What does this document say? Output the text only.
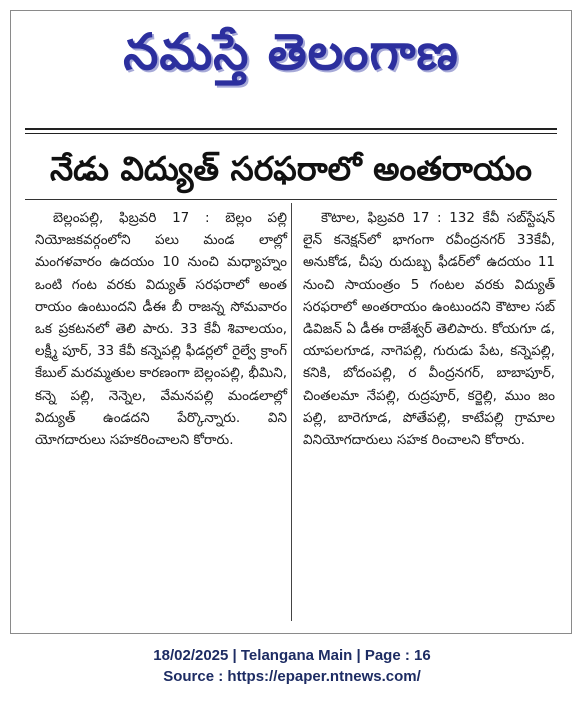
నమస్తే తెలంగాణ
నేడు విద్యుత్ సరఫరాలో అంతరాయం

బెల్లంపల్లి, ఫిబ్రవరి 17 : బెల్లం పల్లి నియోజకవర్గంలోని పలు మండ లాల్లో మంగళవారం ఉదయం 10 నుంచి మధ్యాహ్నం ఒంటి గంట వరకు విద్యుత్ సరఫరాలో అంత రాయం ఉంటుందని డీఈ బీ రాజన్న సోమవారం ఒక ప్రకటనలో తెలి పారు. 33 కేవీ శివాలయం, లక్ష్మీ పూర్, 33 కేవీ కన్నెపల్లి ఫీడర్లలో రైల్వే క్రాంగ్ కేబుల్ మరమ్మతుల కారణంగా బెల్లంపల్లి, భీమిని, కన్నె పల్లి, నెన్నెల, వేమనపల్లి మండలాల్లో విద్యుత్ ఉండదని పేర్కొన్నారు. విని యోగదారులు సహకరించాలని కోరారు.

కౌటాల, ఫిబ్రవరి 17 : 132 కేవీ సబ్‌స్టేషన్ లైన్ కనెక్షన్‌లో భాగంగా రవీంద్రనగర్ 33కేవీ, అనుకోడ, చీపు రుదుబ్బ ఫీడర్‌లో ఉదయం 11 నుంచి సాయంత్రం 5 గంటల వరకు విద్యుత్ సరఫరాలో అంతరాయం ఉంటుందని కౌటాల సబ్ డివిజన్ ఏ డీఈ రాజేశ్వర్ తెలిపారు. కోయగూ డ, యాపలగూడ, నాగెపల్లి, గురుడు పేట, కన్నెపల్లి, కనికి, బోదంపల్లి, ర వీంద్రనగర్, బాబాపూర్, చింతలమా నేపల్లి, రుద్రపూర్, కర్జెల్లి, ముం జం పల్లి, బారెగూడ, పోతేపల్లి, కాటేపల్లి గ్రామాల వినియోగదారులు సహక రించాలని కోరారు.

18/02/2025 | Telangana Main | Page : 16
Source : https://epaper.ntnews.com/
